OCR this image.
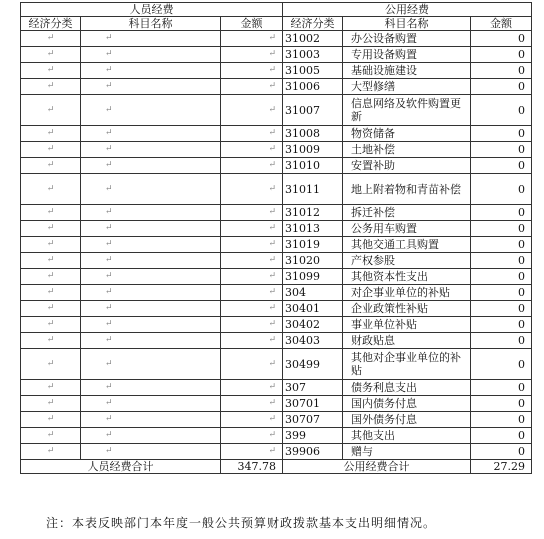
人员经费			公用经费		
经济分类	科目名称	金额	经济分类	科目名称	金额
↵	↵	↵	31002	办公设备购置	0
↵	↵	↵	31003	专用设备购置	0
↵	↵	↵	31005	基础设施建设	0
↵	↵	↵	31006	大型修缮	0
↵	↵	↵	31007	信息网络及软件购置更新	0
↵	↵	↵	31008	物资储备	0
↵	↵	↵	31009	土地补偿	0
↵	↵	↵	31010	安置补助	0
↵	↵	↵	31011	地上附着物和青苗补偿	0
↵	↵	↵	31012	拆迁补偿	0
↵	↵	↵	31013	公务用车购置	0
↵	↵	↵	31019	其他交通工具购置	0
↵	↵	↵	31020	产权参股	0
↵	↵	↵	31099	其他资本性支出	0
↵	↵	↵	304	对企事业单位的补贴	0
↵	↵	↵	30401	企业政策性补贴	0
↵	↵	↵	30402	事业单位补贴	0
↵	↵	↵	30403	财政贴息	0
↵	↵	↵	30499	其他对企事业单位的补贴	0
↵	↵	↵	307	债务利息支出	0
↵	↵	↵	30701	国内债务付息	0
↵	↵	↵	30707	国外债务付息	0
↵	↵	↵	399	其他支出	0
↵	↵	↵	39906	赠与	0
人员经费合计		347.78	公用经费合计		27.29
注：本表反映部门本年度一般公共预算财政拨款基本支出明细情况。
